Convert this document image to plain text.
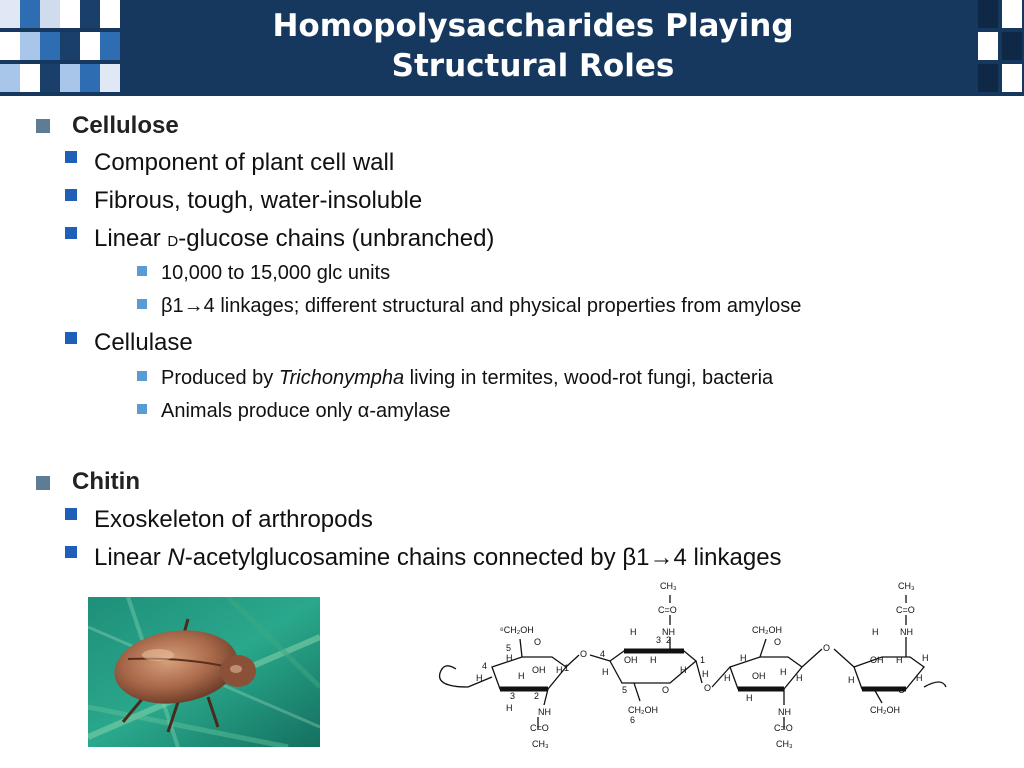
Homopolysaccharides Playing
Structural Roles
Cellulose
Component of plant cell wall
Fibrous, tough, water-insoluble
Linear D-glucose chains (unbranched)
10,000 to 15,000 glc units
β1→4 linkages; different structural and physical properties from amylose
Cellulase
Produced by Trichonympha living in termites, wood-rot fungi, bacteria
Animals produce only α-amylase
Chitin
Exoskeleton of arthropods
Linear N-acetylglucosamine chains connected by β1→4 linkages
⁶CH₂OH
O
5
H
4
H	H
OH H 1
3 2
H	NH
C=O
CH₃
O
CH₃
C=O
NH
H
3 2
OH H
H
4
H
1
H
5	O
CH₂OH
6
O
CH₂OH
O
H
H OH H
H
H
NH
C=O
CH₃
O
CH₃
C=O
NH
H
OH H H
H	H
O
CH₂OH
